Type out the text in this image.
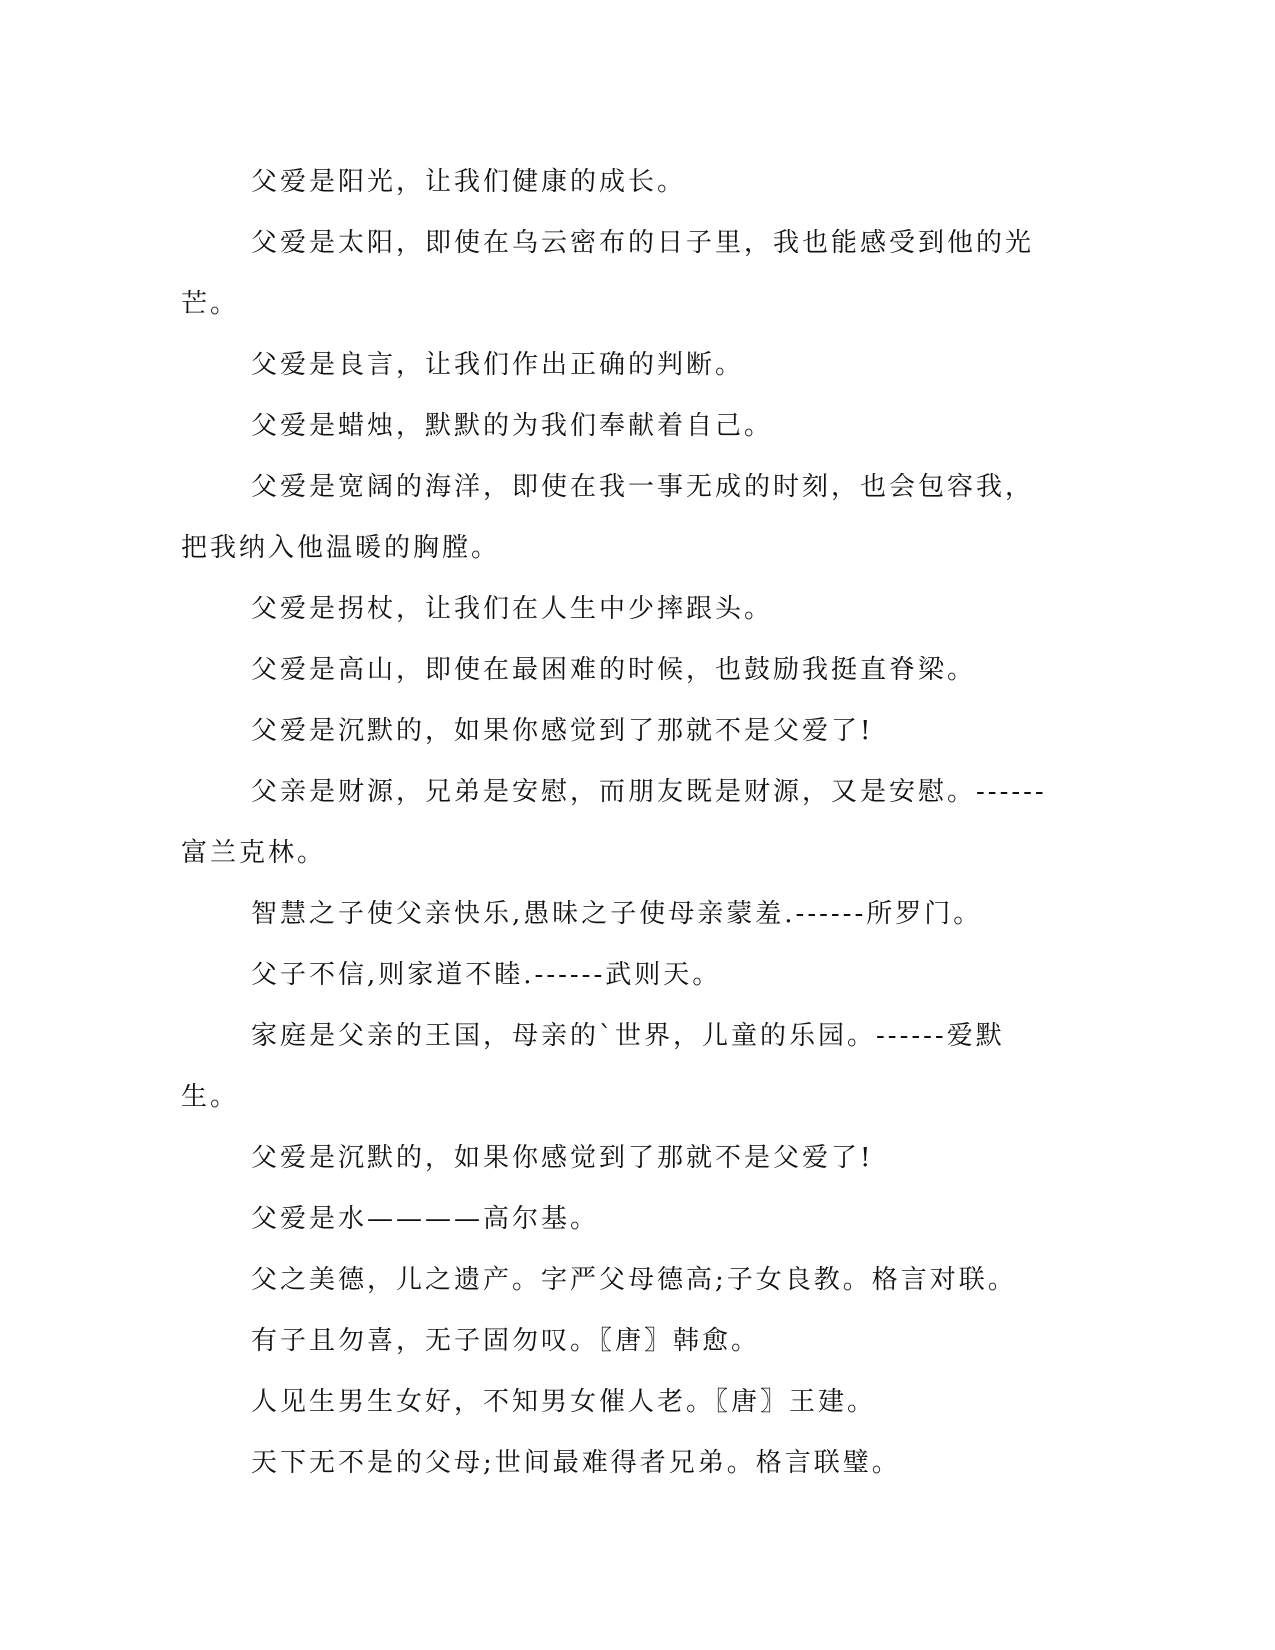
父爱是阳光，让我们健康的成长。

父爱是太阳，即使在乌云密布的日子里，我也能感受到他的光芒。

父爱是良言，让我们作出正确的判断。

父爱是蜡烛，默默的为我们奉献着自己。

父爱是宽阔的海洋，即使在我一事无成的时刻，也会包容我，把我纳入他温暖的胸膛。

父爱是拐杖，让我们在人生中少摔跟头。

父爱是高山，即使在最困难的时候，也鼓励我挺直脊梁。

父爱是沉默的，如果你感觉到了那就不是父爱了!

父亲是财源，兄弟是安慰，而朋友既是财源，又是安慰。------富兰克林。

智慧之子使父亲快乐,愚昧之子使母亲蒙羞.------所罗门。

父子不信,则家道不睦.------武则天。

家庭是父亲的王国，母亲的`世界，儿童的乐园。------爱默生。

父爱是沉默的，如果你感觉到了那就不是父爱了!

父爱是水————高尔基。

父之美德，儿之遗产。字严父母德高;子女良教。格言对联。

有子且勿喜，无子固勿叹。〖唐〗韩愈。

人见生男生女好，不知男女催人老。〖唐〗王建。

天下无不是的父母;世间最难得者兄弟。格言联璧。
